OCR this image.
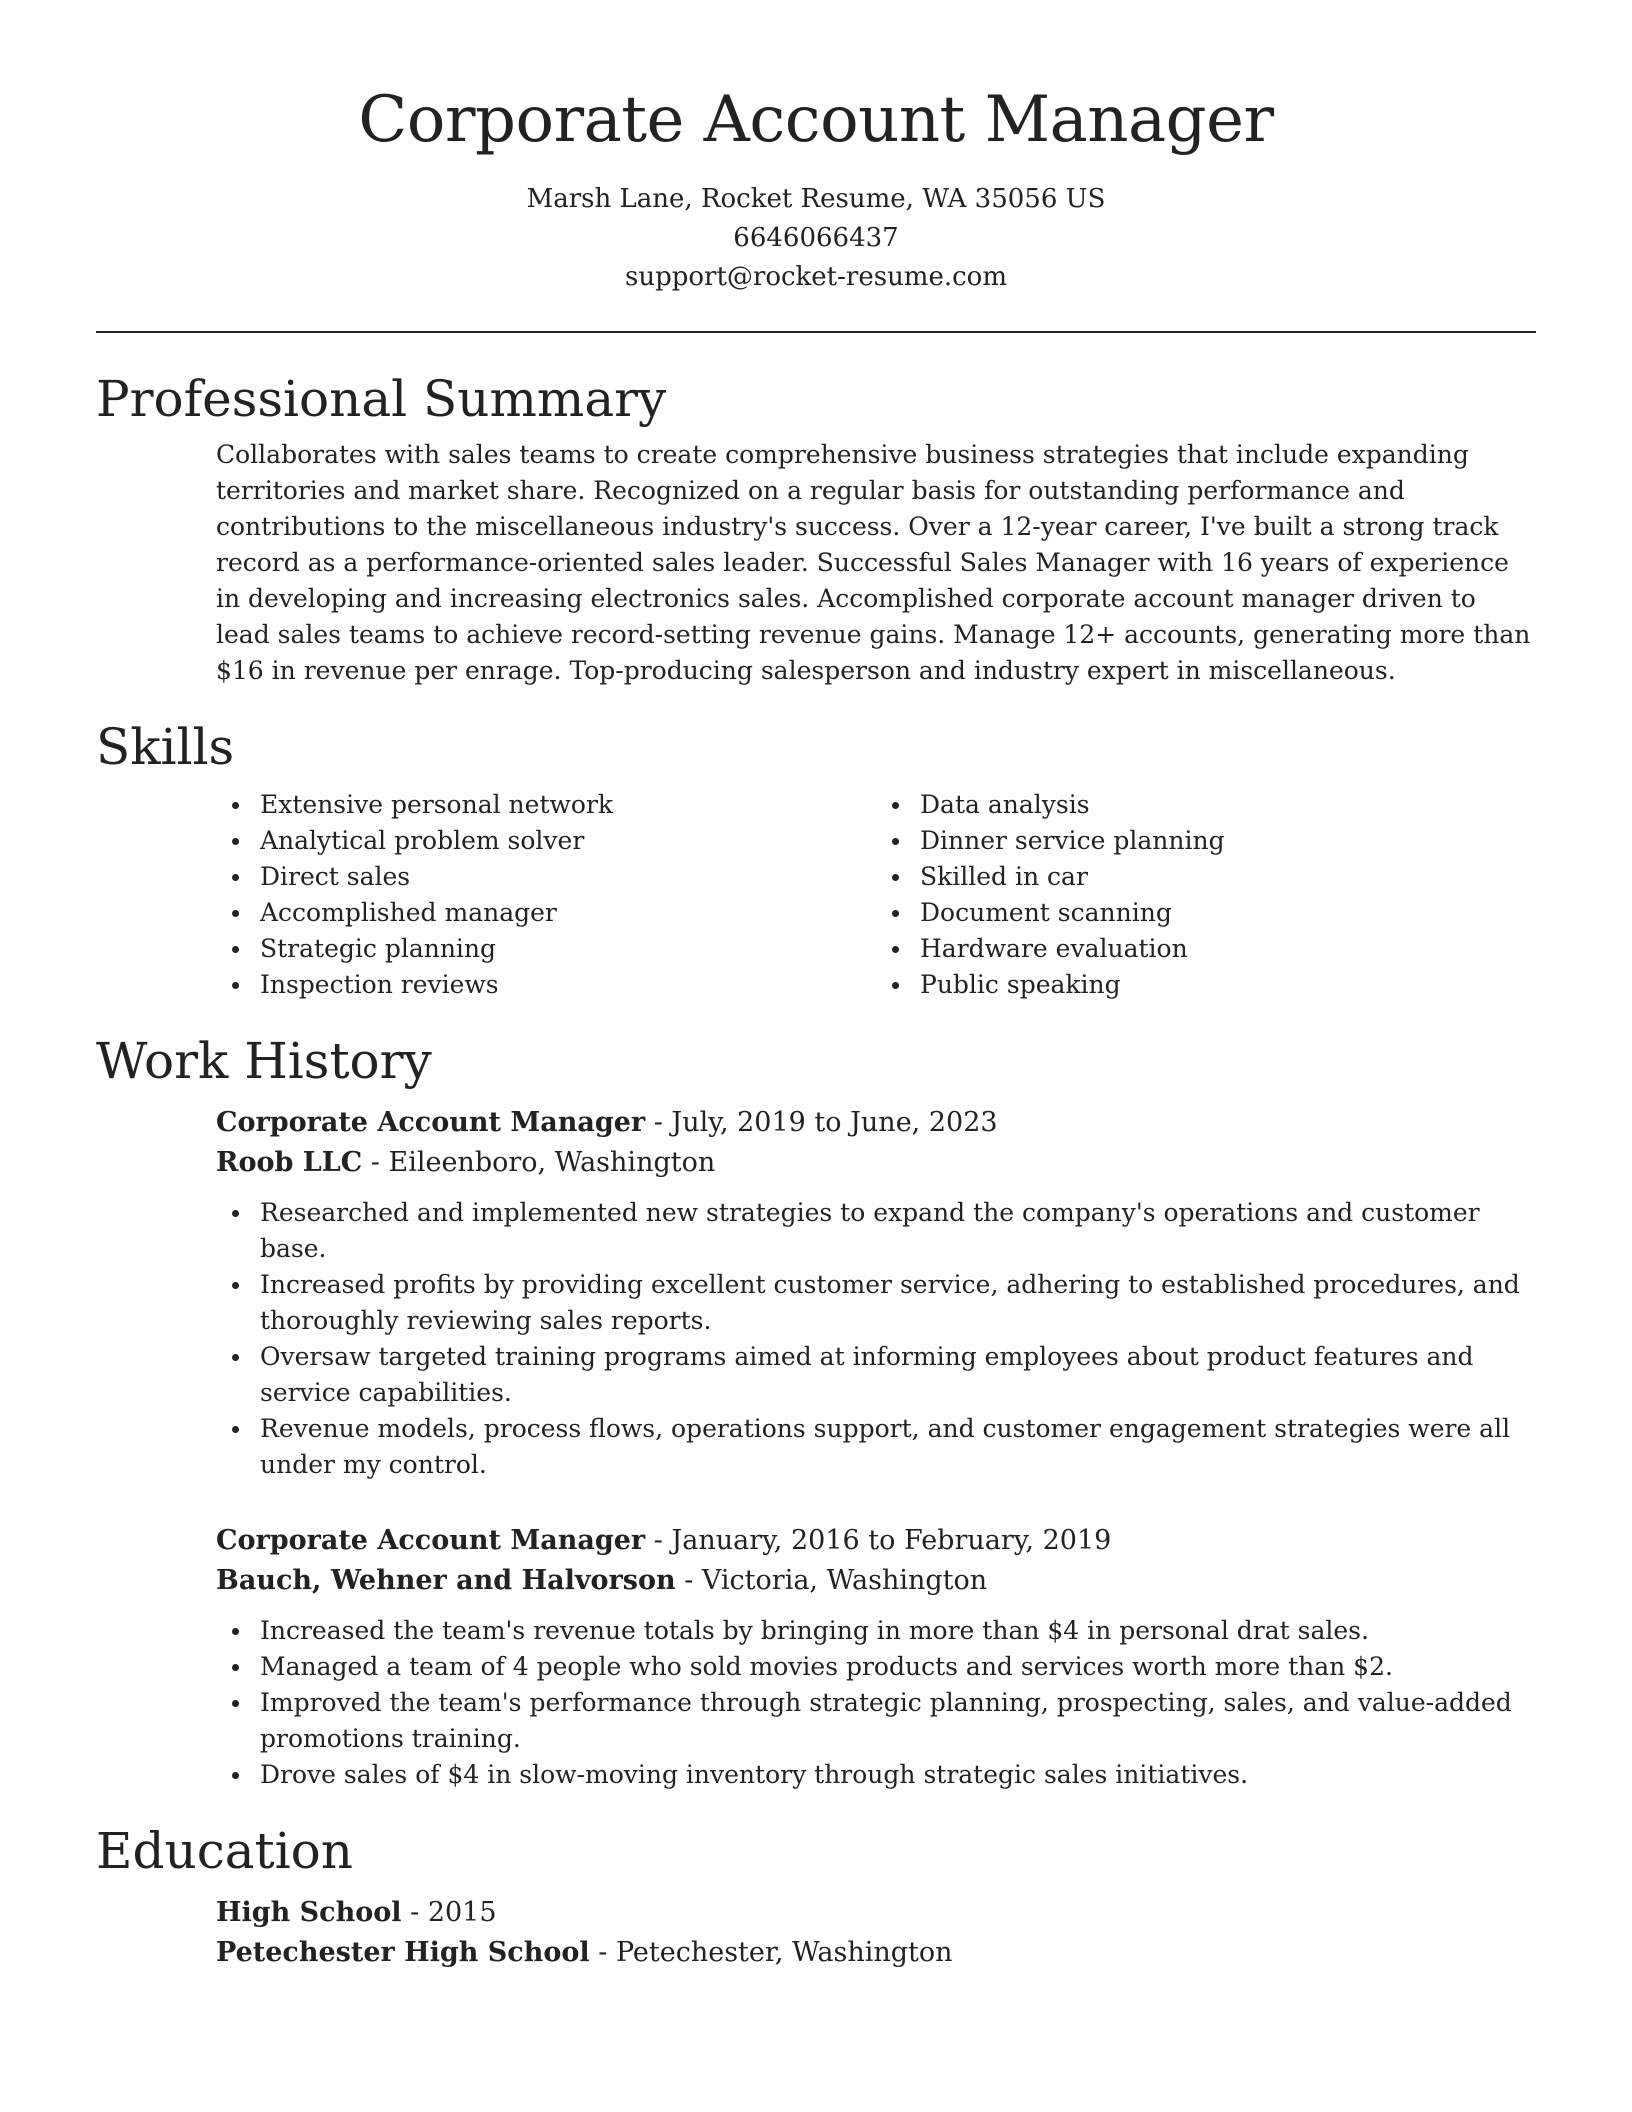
Corporate Account Manager
Marsh Lane, Rocket Resume, WA 35056 US
6646066437
support@rocket-resume.com
Professional Summary

Collaborates with sales teams to create comprehensive business strategies that include expanding territories and market share. Recognized on a regular basis for outstanding performance and contributions to the miscellaneous industry's success. Over a 12-year career, I've built a strong track record as a performance-oriented sales leader. Successful Sales Manager with 16 years of experience in developing and increasing electronics sales. Accomplished corporate account manager driven to lead sales teams to achieve record-setting revenue gains. Manage 12+ accounts, generating more than $16 in revenue per enrage. Top-producing salesperson and industry expert in miscellaneous.

Skills
Extensive personal network
Analytical problem solver
Direct sales
Accomplished manager
Strategic planning
Inspection reviews
Data analysis
Dinner service planning
Skilled in car
Document scanning
Hardware evaluation
Public speaking
Work History
Corporate Account Manager - July, 2019 to June, 2023
Roob LLC - Eileenboro, Washington
Researched and implemented new strategies to expand the company's operations and customer base.
Increased profits by providing excellent customer service, adhering to established procedures, and thoroughly reviewing sales reports.
Oversaw targeted training programs aimed at informing employees about product features and service capabilities.
Revenue models, process flows, operations support, and customer engagement strategies were all under my control.
Corporate Account Manager - January, 2016 to February, 2019
Bauch, Wehner and Halvorson - Victoria, Washington
Increased the team's revenue totals by bringing in more than $4 in personal drat sales.
Managed a team of 4 people who sold movies products and services worth more than $2.
Improved the team's performance through strategic planning, prospecting, sales, and value-added promotions training.
Drove sales of $4 in slow-moving inventory through strategic sales initiatives.
Education
High School - 2015
Petechester High School - Petechester, Washington
